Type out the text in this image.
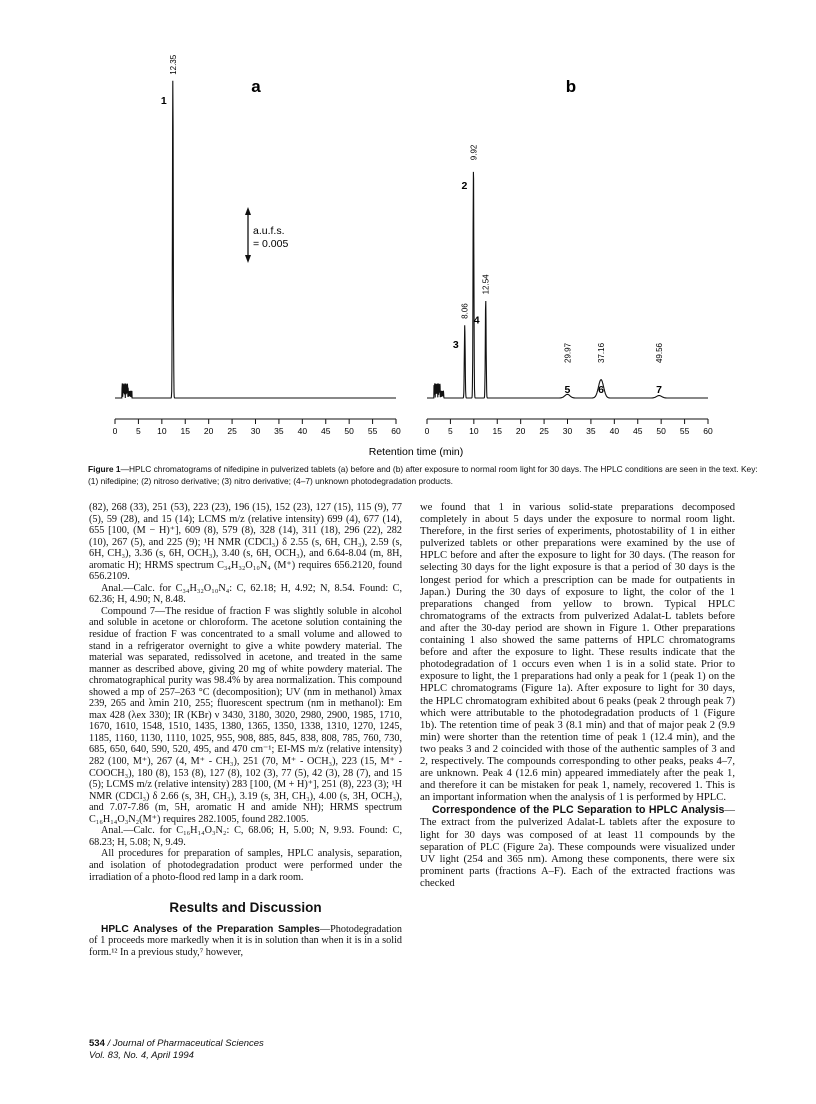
0 5 10 15 20 25 30 35 40 45 50 55 60
12.35
1
0 5 10 15 20 25 30 35 40 45 50 55 60
8.06
3
9.92
2
12.54
4
29.97
5
37.16
6
49.56
7
a.u.f.s.
= 0.005
a	b
Retention time (min)
Figure 1—HPLC chromatograms of nifedipine in pulverized tablets (a) before and (b) after exposure to normal room light for 30 days. The HPLC conditions are seen in the text. Key: (1) nifedipine; (2) nitroso derivative; (3) nitro derivative; (4–7) unknown photodegradation products.

(82), 268 (33), 251 (53), 223 (23), 196 (15), 152 (23), 127 (15), 115 (9), 77 (5), 59 (28), and 15 (14); LCMS m/z (relative intensity) 699 (4), 677 (14), 655 [100, (M − H)⁺], 609 (8), 579 (8), 328 (14), 311 (18), 296 (22), 282 (10), 267 (5), and 225 (9); ¹H NMR (CDCl₃) δ 2.55 (s, 6H, CH₃), 2.59 (s, 6H, CH₃), 3.36 (s, 6H, OCH₃), 3.40 (s, 6H, OCH₃), and 6.64-8.04 (m, 8H, aromatic H); HRMS spectrum C₃₄H₃₂O₁₀N₄ (M⁺) requires 656.2120, found 656.2109.

Anal.—Calc. for C₃₄H₃₂O₁₀N₄: C, 62.18; H, 4.92; N, 8.54. Found: C, 62.36; H, 4.90; N, 8.48.

Compound 7—The residue of fraction F was slightly soluble in alcohol and soluble in acetone or chloroform. The acetone solution containing the residue of fraction F was concentrated to a small volume and allowed to stand in a refrigerator overnight to give a white powdery material. The material was separated, redissolved in acetone, and treated in the same manner as described above, giving 20 mg of white powdery material. The chromatographical purity was 98.4% by area normalization. This compound showed a mp of 257–263 °C (decomposition); UV (nm in methanol) λmax 239, 265 and λmin 210, 255; fluorescent spectrum (nm in methanol): Em max 428 (λex 330); IR (KBr) ν 3430, 3180, 3020, 2980, 2900, 1985, 1710, 1670, 1610, 1548, 1510, 1435, 1380, 1365, 1350, 1338, 1310, 1270, 1245, 1185, 1160, 1130, 1110, 1025, 955, 908, 885, 845, 838, 808, 785, 760, 730, 685, 650, 640, 590, 520, 495, and 470 cm⁻¹; EI-MS m/z (relative intensity) 282 (100, M⁺), 267 (4, M⁺ - CH₃), 251 (70, M⁺ - OCH₃), 223 (15, M⁺ - COOCH₃), 180 (8), 153 (8), 127 (8), 102 (3), 77 (5), 42 (3), 28 (7), and 15 (5); LCMS m/z (relative intensity) 283 [100, (M + H)⁺], 251 (8), 223 (3); ¹H NMR (CDCl₃) δ 2.66 (s, 3H, CH₃), 3.19 (s, 3H, CH₃), 4.00 (s, 3H, OCH₃), and 7.07-7.86 (m, 5H, aromatic H and amide NH); HRMS spectrum C₁₆H₁₄O₃N₂(M⁺) requires 282.1005, found 282.1005.

Anal.—Calc. for C₁₆H₁₄O₃N₂: C, 68.06; H, 5.00; N, 9.93. Found: C, 68.23; H, 5.08; N, 9.49.

All procedures for preparation of samples, HPLC analysis, separation, and isolation of photodegradation product were performed under the irradiation of a photo-flood red lamp in a dark room.

Results and Discussion

HPLC Analyses of the Preparation Samples—Photodegradation of 1 proceeds more markedly when it is in solution than when it is in a solid form.¹² In a previous study,⁷ however,

we found that 1 in various solid-state preparations decomposed completely in about 5 days under the exposure to normal room light. Therefore, in the first series of experiments, photostability of 1 in either pulverized tablets or other preparations were examined by the use of HPLC before and after the exposure to light for 30 days. (The reason for selecting 30 days for the light exposure is that a period of 30 days is the longest period for which a prescription can be made for outpatients in Japan.) During the 30 days of exposure to light, the color of the 1 preparations changed from yellow to brown. Typical HPLC chromatograms of the extracts from pulverized Adalat-L tablets before and after the 30-day period are shown in Figure 1. Other preparations containing 1 also showed the same patterns of HPLC chromatograms before and after the exposure to light. These results indicate that the photodegradation of 1 occurs even when 1 is in a solid state. Prior to exposure to light, the 1 preparations had only a peak for 1 (peak 1) on the HPLC chromatograms (Figure 1a). After exposure to light for 30 days, the HPLC chromatogram exhibited about 6 peaks (peak 2 through peak 7) which were attributable to the photodegradation products of 1 (Figure 1b). The retention time of peak 3 (8.1 min) and that of major peak 2 (9.9 min) were shorter than the retention time of peak 1 (12.4 min), and the two peaks 3 and 2 coincided with those of the authentic samples of 3 and 2, respectively. The compounds corresponding to other peaks, peaks 4–7, are unknown. Peak 4 (12.6 min) appeared immediately after the peak 1, and therefore it can be mistaken for peak 1, namely, recovered 1. This is an important information when the analysis of 1 is performed by HPLC.

Correspondence of the PLC Separation to HPLC Analysis—The extract from the pulverized Adalat-L tablets after the exposure to light for 30 days was composed of at least 11 compounds by the separation of PLC (Figure 2a). These compounds were visualized under UV light (254 and 365 nm). Among these components, there were six prominent parts (fractions A–F). Each of the extracted fractions was checked

534 / Journal of Pharmaceutical Sciences
Vol. 83, No. 4, April 1994
